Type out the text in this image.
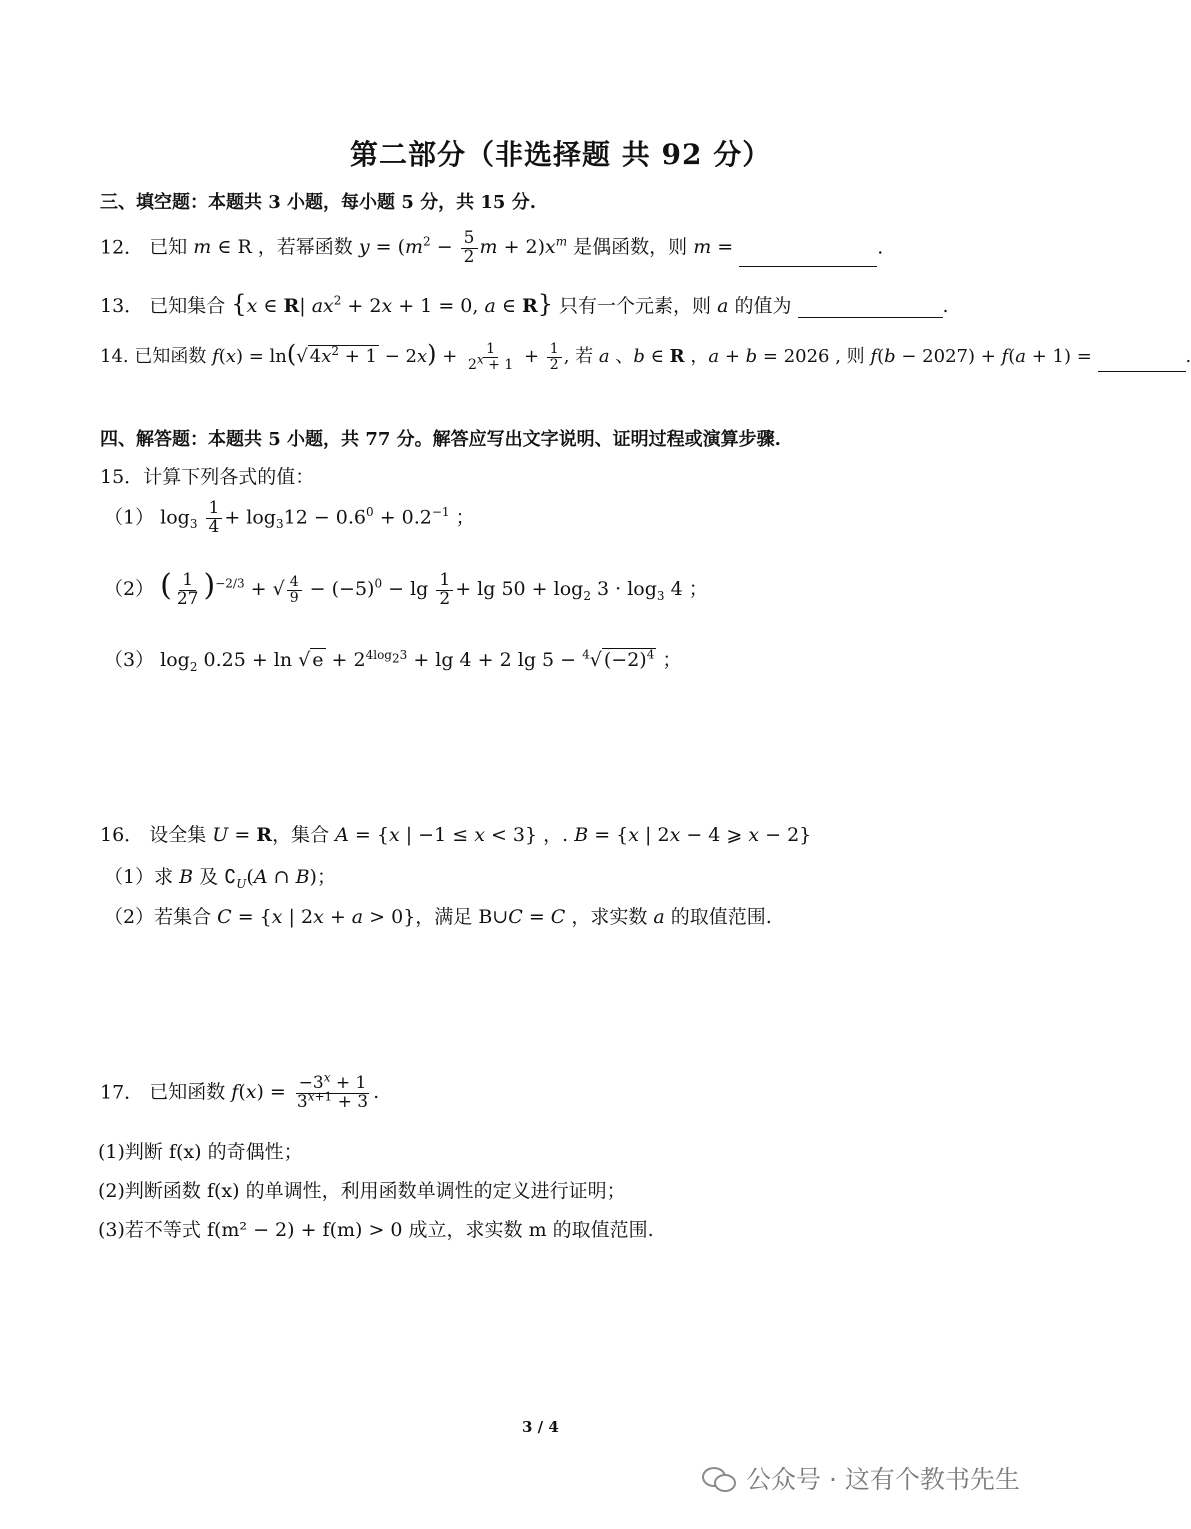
第二部分（非选择题 共 92 分）
三、填空题：本题共 3 小题，每小题 5 分，共 15 分.
12． 已知 m ∈ R ，若幂函数 $y = (m^2 - \frac{5}{2}$ $m + 2)x^m$ 是偶函数，则 m =	.
13． 已知集合 {x ∈ R| $ax^2 + 2x + 1 = 0$, a ∈ R} 只有一个元素，则 a 的值为	.
14. 已知函数 f(x) = ln(√ $4x^2 + 1 - 2x) + \frac{1}{2^x + 1} + \frac{1}{2}$ , 若 a 、b ∈ R ，a + b = 2026 , 则 f(b − 2027) + f(a + 1) =	.
四、解答题：本题共 5 小题，共 77 分。解答应写出文字说明、证明过程或演算步骤.
15．计算下列各式的值：
（1） $\log_3 \frac{1}{4} + \log_312 - 0.6^0 + 0.2^{-1}$ ；
（2） ( $\frac{1}{27} )^{-2/3}$ + √ $\frac{4}{9} - (-5)^0 - \lg \frac{1}{2} + \lg 50 + \log_2 3 \cdot \log_3 4$ ；
（3） $\log_2 0.25 + \ln$ √ $e + 2^{4log_23} + \lg 4 + 2$ lg 5 − $^4$√ $(-2)^4$ ；
16． 设全集 U = R，集合 A = {x | −1 ≤ x < 3} ，. B = {x | 2x − 4 ⩾ x − 2}
（1）求 B 及 $∁_U(A$ ∩ B)；
（2）若集合 C = {x | 2x + a > 0}，满足 B∪C = C ，求实数 a 的取值范围.
17． 已知函数 $f(x) = \frac{-3^x + 1}{3^{x+1} + 3}$ .
(1)判断 f(x) 的奇偶性；
(2)判断函数 f(x) 的单调性，利用函数单调性的定义进行证明；
(3)若不等式 f(m² − 2) + f(m) > 0 成立，求实数 m 的取值范围.
3 / 4
公众号 · 这有个教书先生
